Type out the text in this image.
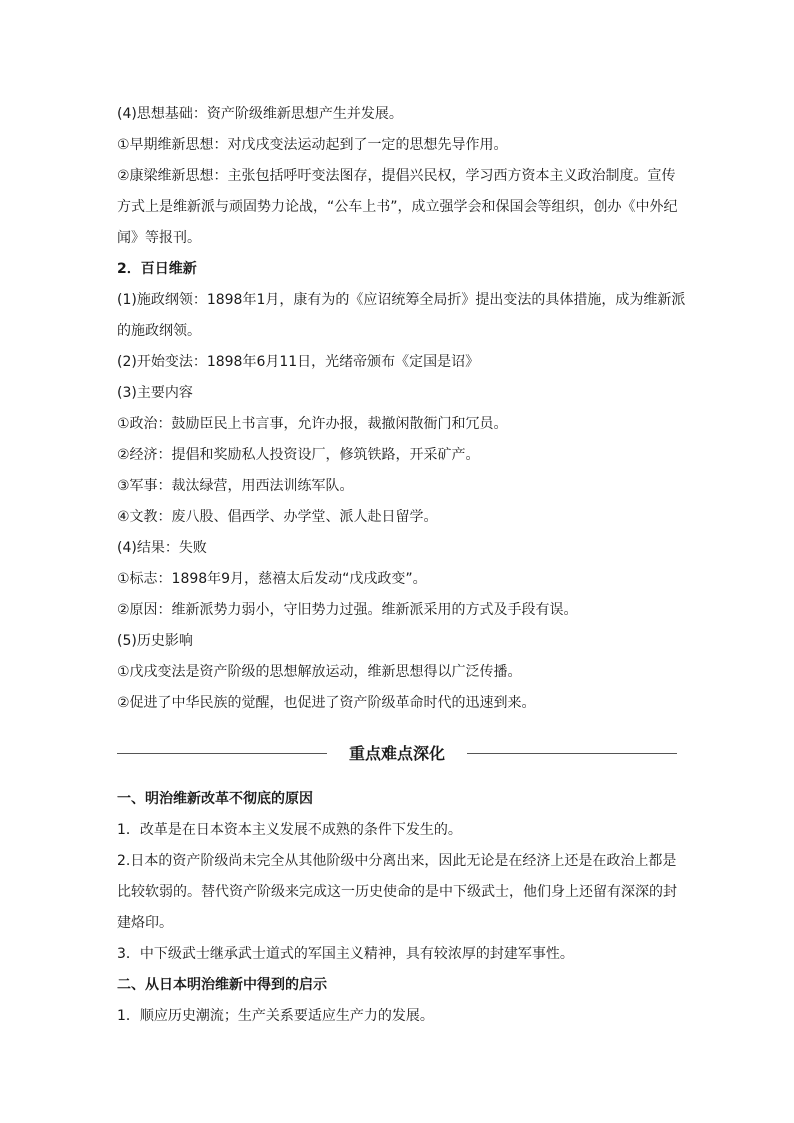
(4)思想基础：资产阶级维新思想产生并发展。
①早期维新思想：对戊戌变法运动起到了一定的思想先导作用。
②康梁维新思想：主张包括呼吁变法图存，提倡兴民权，学习西方资本主义政治制度。宣传
方式上是维新派与顽固势力论战，“公车上书”，成立强学会和保国会等组织，创办《中外纪
闻》等报刊。
2．百日维新
(1)施政纲领：1898年1月，康有为的《应诏统筹全局折》提出变法的具体措施，成为维新派
的施政纲领。
(2)开始变法：1898年6月11日，光绪帝颁布《定国是诏》
(3)主要内容
①政治：鼓励臣民上书言事，允许办报，裁撤闲散衙门和冗员。
②经济：提倡和奖励私人投资设厂，修筑铁路，开采矿产。
③军事：裁汰绿营，用西法训练军队。
④文教：废八股、倡西学、办学堂、派人赴日留学。
(4)结果：失败
①标志：1898年9月，慈禧太后发动“戊戌政变”。
②原因：维新派势力弱小，守旧势力过强。维新派采用的方式及手段有误。
(5)历史影响
①戊戌变法是资产阶级的思想解放运动，维新思想得以广泛传播。
②促进了中华民族的觉醒，也促进了资产阶级革命时代的迅速到来。
重点难点深化
一、明治维新改革不彻底的原因
1．改革是在日本资本主义发展不成熟的条件下发生的。
2.日本的资产阶级尚未完全从其他阶级中分离出来，因此无论是在经济上还是在政治上都是
比较软弱的。替代资产阶级来完成这一历史使命的是中下级武士，他们身上还留有深深的封
建烙印。
3．中下级武士继承武士道式的军国主义精神，具有较浓厚的封建军事性。
二、从日本明治维新中得到的启示
1．顺应历史潮流；生产关系要适应生产力的发展。
